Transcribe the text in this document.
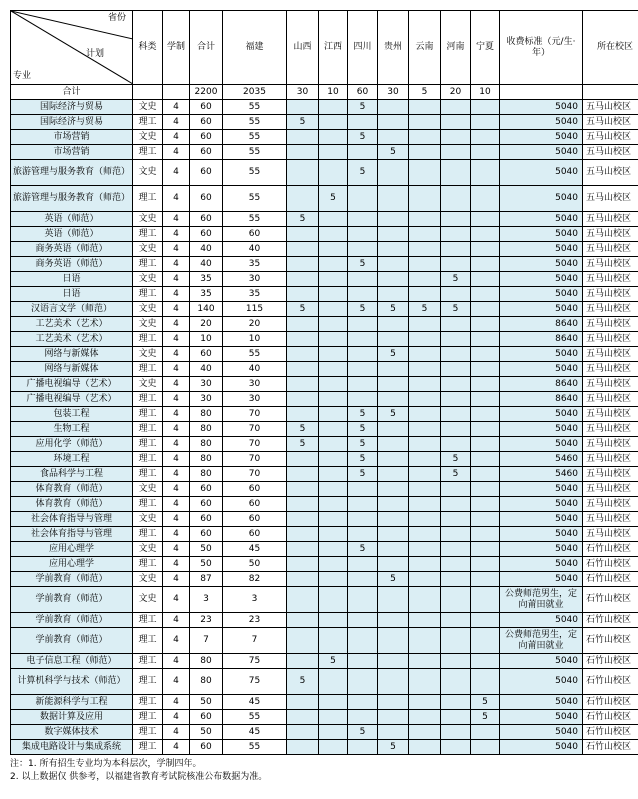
省份
计划
专业	科类	学制	合计	福建	山西	江西	四川	贵州	云南	河南	宁夏	收费标准（元/生·年）	所在校区
合计			2200	2035	30	10	60	30	5	20	10		
国际经济与贸易	文史	4	60	55			5					5040	五马山校区
国际经济与贸易	理工	4	60	55	5							5040	五马山校区
市场营销	文史	4	60	55			5					5040	五马山校区
市场营销	理工	4	60	55				5				5040	五马山校区
旅游管理与服务教育（师范）	文史	4	60	55			5					5040	五马山校区
旅游管理与服务教育（师范）	理工	4	60	55		5						5040	五马山校区
英语（师范）	文史	4	60	55	5							5040	五马山校区
英语（师范）	理工	4	60	60								5040	五马山校区
商务英语（师范）	文史	4	40	40								5040	五马山校区
商务英语（师范）	理工	4	40	35			5					5040	五马山校区
日语	文史	4	35	30						5		5040	五马山校区
日语	理工	4	35	35								5040	五马山校区
汉语言文学（师范）	文史	4	140	115	5		5	5	5	5		5040	五马山校区
工艺美术（艺术）	文史	4	20	20								8640	五马山校区
工艺美术（艺术）	理工	4	10	10								8640	五马山校区
网络与新媒体	文史	4	60	55				5				5040	五马山校区
网络与新媒体	理工	4	40	40								5040	五马山校区
广播电视编导（艺术）	文史	4	30	30								8640	五马山校区
广播电视编导（艺术）	理工	4	30	30								8640	五马山校区
包装工程	理工	4	80	70			5	5				5040	五马山校区
生物工程	理工	4	80	70	5		5					5040	五马山校区
应用化学（师范）	理工	4	80	70	5		5					5040	五马山校区
环境工程	理工	4	80	70			5			5		5460	五马山校区
食品科学与工程	理工	4	80	70			5			5		5460	五马山校区
体育教育（师范）	文史	4	60	60								5040	五马山校区
体育教育（师范）	理工	4	60	60								5040	五马山校区
社会体育指导与管理	文史	4	60	60								5040	五马山校区
社会体育指导与管理	理工	4	60	60								5040	五马山校区
应用心理学	文史	4	50	45			5					5040	石竹山校区
应用心理学	理工	4	50	50								5040	石竹山校区
学前教育（师范）	文史	4	87	82				5				5040	石竹山校区
学前教育（师范）	文史	4	3	3								公费师范男生，定向莆田就业	石竹山校区
学前教育（师范）	理工	4	23	23								5040	石竹山校区
学前教育（师范）	理工	4	7	7								公费师范男生，定向莆田就业	石竹山校区
电子信息工程（师范）	理工	4	80	75		5						5040	石竹山校区
计算机科学与技术（师范）	理工	4	80	75	5							5040	石竹山校区
新能源科学与工程	理工	4	50	45							5	5040	石竹山校区
数据计算及应用	理工	4	60	55							5	5040	石竹山校区
数字媒体技术	理工	4	50	45			5					5040	石竹山校区
集成电路设计与集成系统	理工	4	60	55				5				5040	石竹山校区
注：1. 所有招生专业均为本科层次，学制四年。
2. 以上数据仅 供参考，以福建省教育考试院核准公布数据为准。
